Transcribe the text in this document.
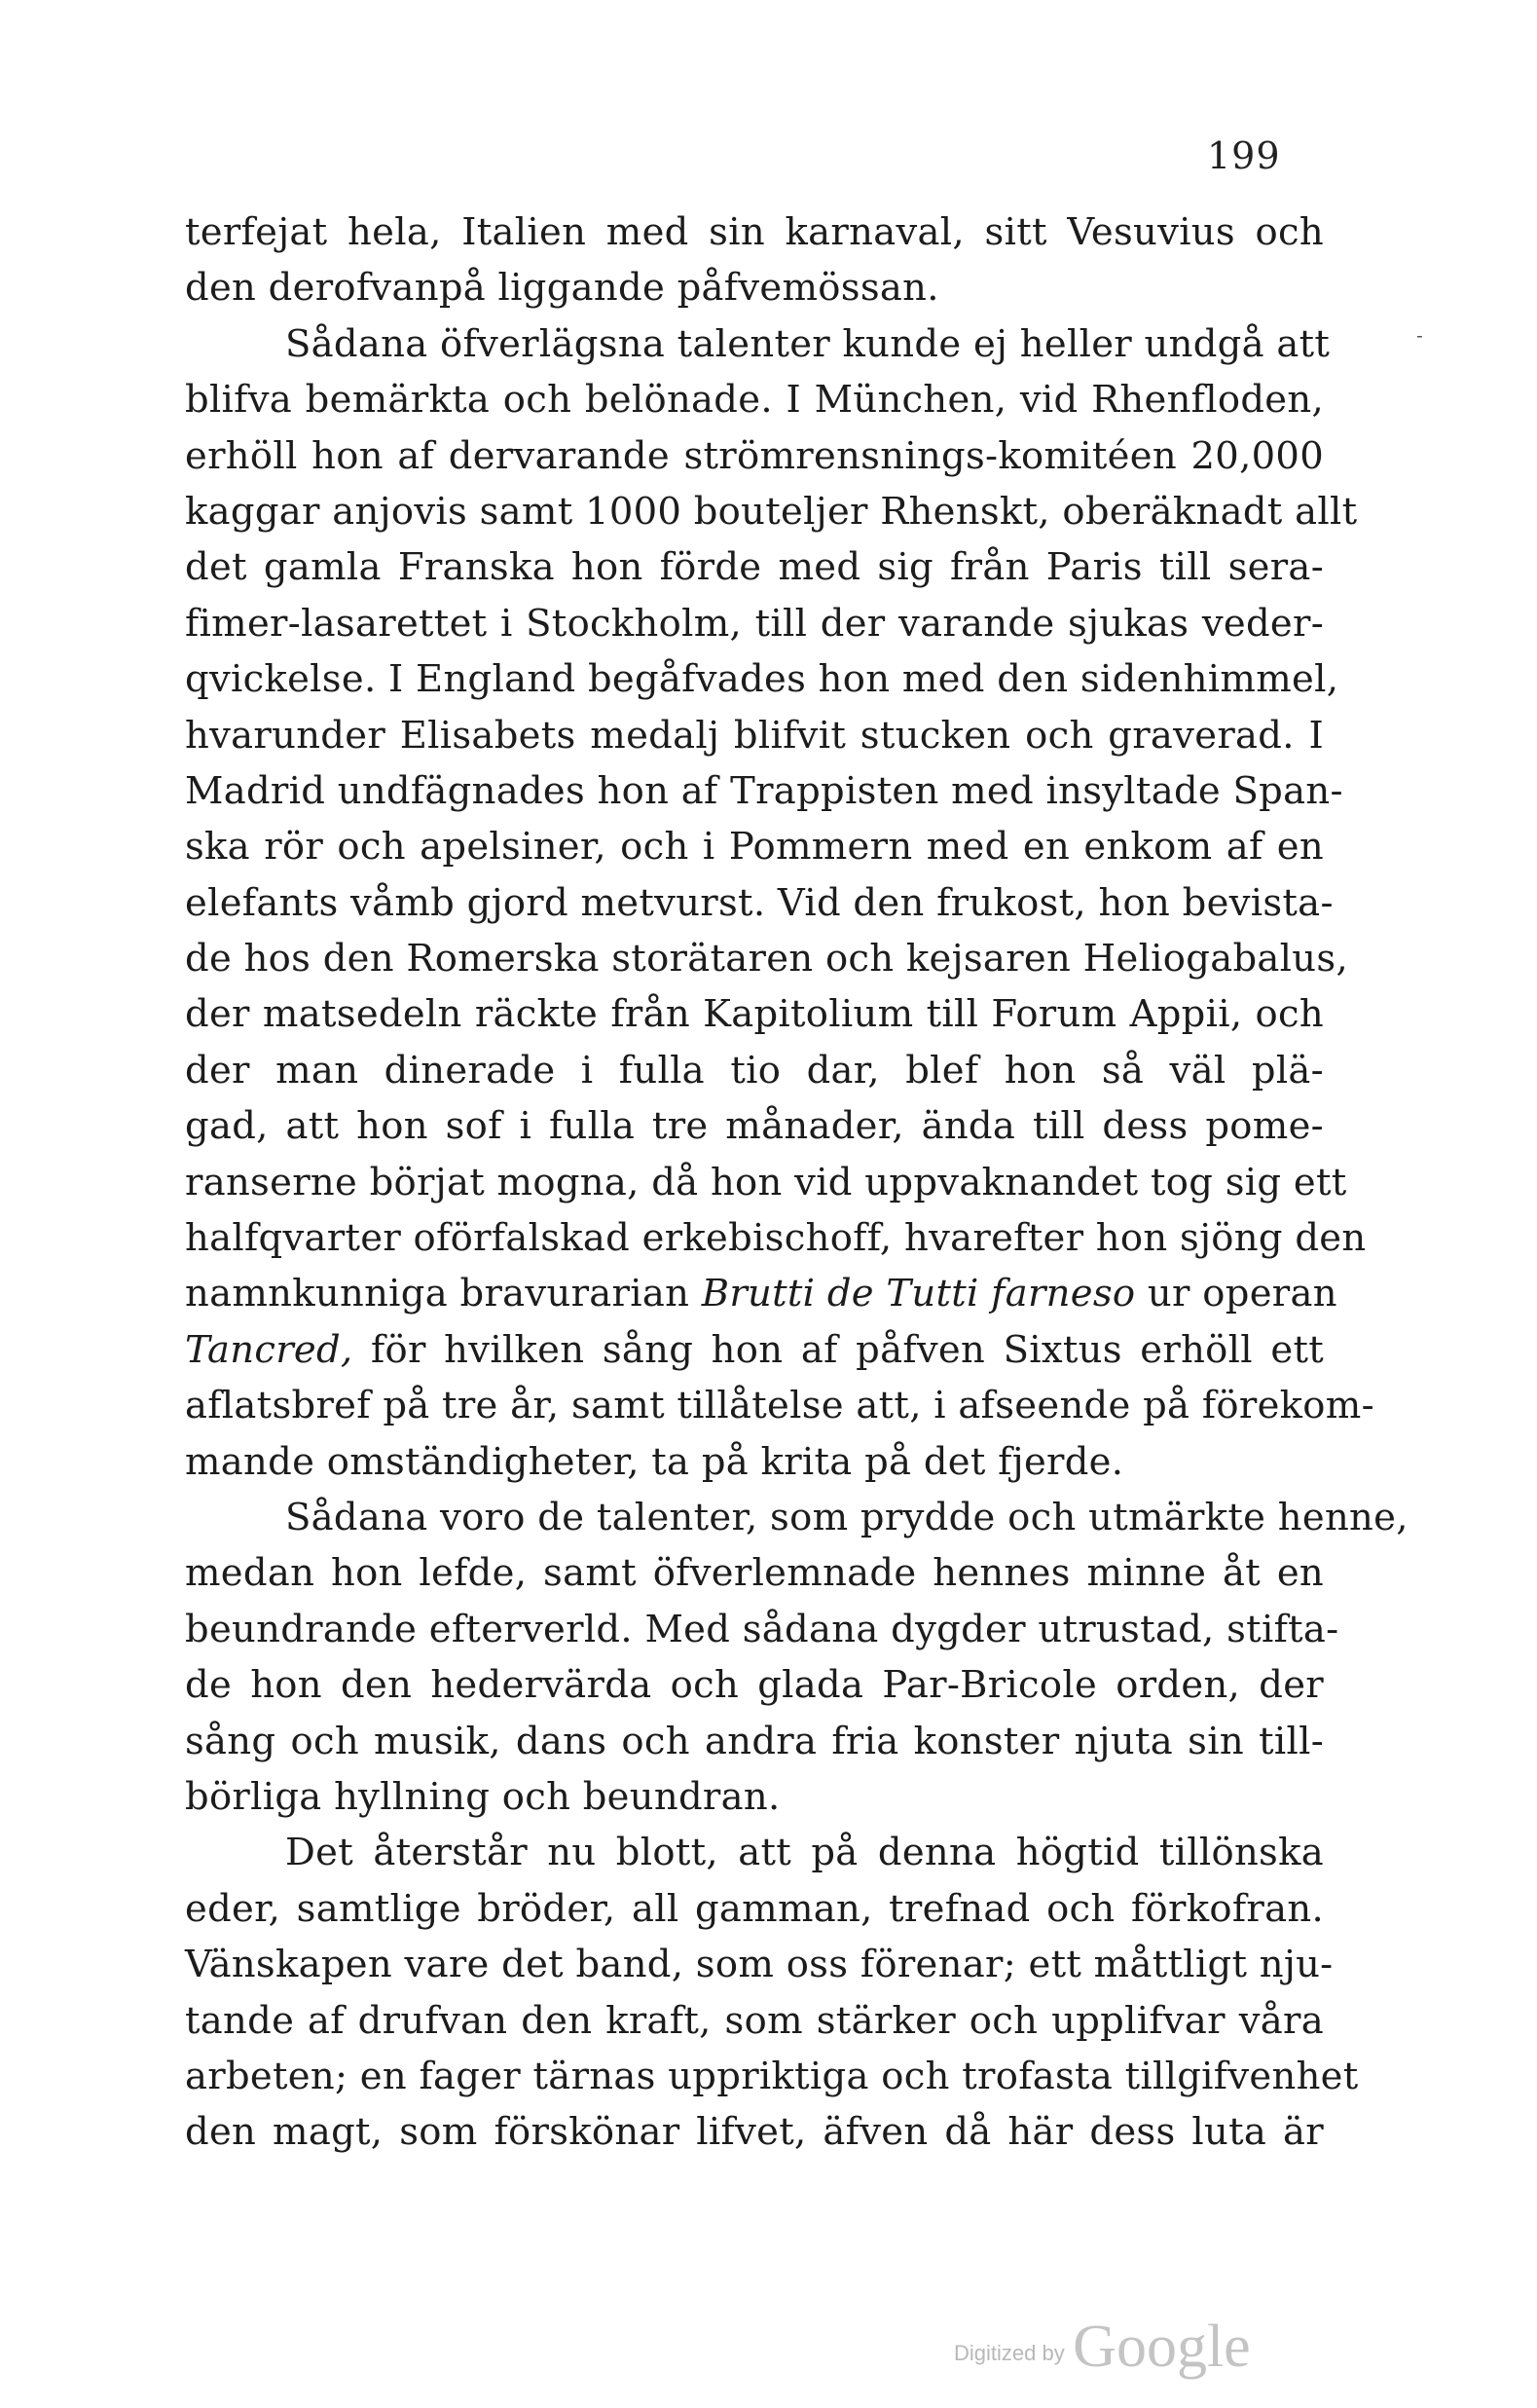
199
terfejat hela, Italien med sin karnaval, sitt Vesuvius och
den derofvanpå liggande påfvemössan.
Sådana öfverlägsna talenter kunde ej heller undgå att
blifva bemärkta och belönade. I München, vid Rhenfloden,
erhöll hon af dervarande strömrensnings-komitéen 20,000
kaggar anjovis samt 1000 bouteljer Rhenskt, oberäknadt allt
det gamla Franska hon förde med sig från Paris till sera-
fimer-lasarettet i Stockholm, till der varande sjukas veder-
qvickelse. I England begåfvades hon med den sidenhimmel,
hvarunder Elisabets medalj blifvit stucken och graverad. I
Madrid undfägnades hon af Trappisten med insyltade Span-
ska rör och apelsiner, och i Pommern med en enkom af en
elefants våmb gjord metvurst. Vid den frukost, hon bevista-
de hos den Romerska storätaren och kejsaren Heliogabalus,
der matsedeln räckte från Kapitolium till Forum Appii, och
der man dinerade i fulla tio dar, blef hon så väl plä-
gad, att hon sof i fulla tre månader, ända till dess pome-
ranserne börjat mogna, då hon vid uppvaknandet tog sig ett
halfqvarter oförfalskad erkebischoff, hvarefter hon sjöng den
namnkunniga bravurarian Brutti de Tutti farneso ur operan
Tancred, för hvilken sång hon af påfven Sixtus erhöll ett
aflatsbref på tre år, samt tillåtelse att, i afseende på förekom-
mande omständigheter, ta på krita på det fjerde.
Sådana voro de talenter, som prydde och utmärkte henne,
medan hon lefde, samt öfverlemnade hennes minne åt en
beundrande efterverld. Med sådana dygder utrustad, stifta-
de hon den hedervärda och glada Par-Bricole orden, der
sång och musik, dans och andra fria konster njuta sin till-
börliga hyllning och beundran.
Det återstår nu blott, att på denna högtid tillönska
eder, samtlige bröder, all gamman, trefnad och förkofran.
Vänskapen vare det band, som oss förenar; ett måttligt nju-
tande af drufvan den kraft, som stärker och upplifvar våra
arbeten; en fager tärnas uppriktiga och trofasta tillgifvenhet
den magt, som förskönar lifvet, äfven då här dess luta är
-
Digitized by Google
